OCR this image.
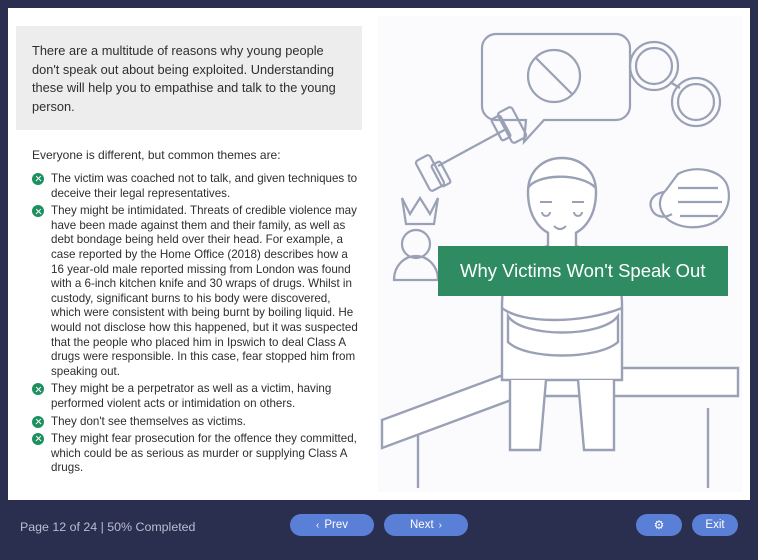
There are a multitude of reasons why young people don't speak out about being exploited. Understanding these will help you to empathise and talk to the young person.

Everyone is different, but common themes are:
The victim was coached not to talk, and given techniques to deceive their legal representatives.
They might be intimidated. Threats of credible violence may have been made against them and their family, as well as debt bondage being held over their head. For example, a case reported by the Home Office (2018) describes how a 16 year-old male reported missing from London was found with a 6-inch kitchen knife and 30 wraps of drugs. Whilst in custody, significant burns to his body were discovered, which were consistent with being burnt by boiling liquid. He would not disclose how this happened, but it was suspected that the people who placed him in Ipswich to deal Class A drugs were responsible. In this case, fear stopped him from speaking out.
They might be a perpetrator as well as a victim, having performed violent acts or intimidation on others.
They don't see themselves as victims.
They might fear prosecution for the offence they committed, which could be as serious as murder or supplying Class A drugs.
Why Victims Won't Speak Out
Page 12 of 24 | 50% Completed	‹ Prev	Next ›	⚙	Exit
